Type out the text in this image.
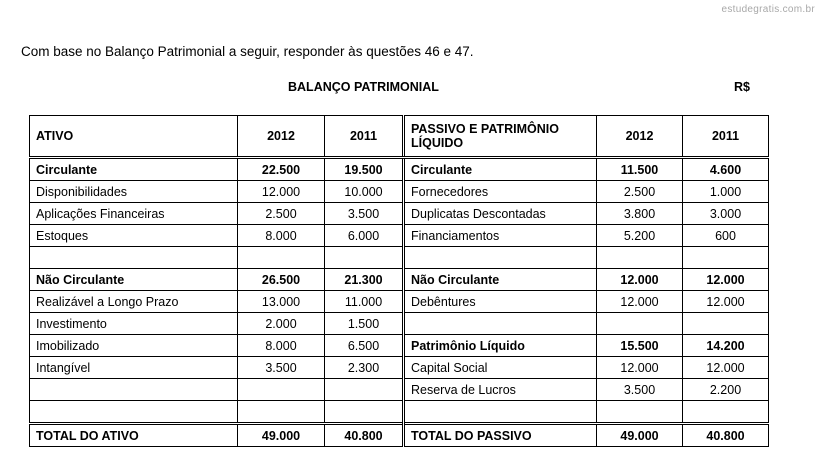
estudegratis.com.br
Com base no Balanço Patrimonial a seguir, responder às questões 46 e 47.
BALANÇO PATRIMONIAL	R$
ATIVO	2012	2011	PASSIVO E PATRIMÔNIO LÍQUIDO	2012	2011
Circulante	22.500	19.500	Circulante	11.500	4.600
Disponibilidades	12.000	10.000	Fornecedores	2.500	1.000
Aplicações Financeiras	2.500	3.500	Duplicatas Descontadas	3.800	3.000
Estoques	8.000	6.000	Financiamentos	5.200	600

Não Circulante	26.500	21.300	Não Circulante	12.000	12.000
Realizável a Longo Prazo	13.000	11.000	Debêntures	12.000	12.000
Investimento	2.000	1.500			
Imobilizado	8.000	6.500	Patrimônio Líquido	15.500	14.200
Intangível	3.500	2.300	Capital Social	12.000	12.000
			Reserva de Lucros	3.500	2.200

TOTAL DO ATIVO	49.000	40.800	TOTAL DO PASSIVO	49.000	40.800
